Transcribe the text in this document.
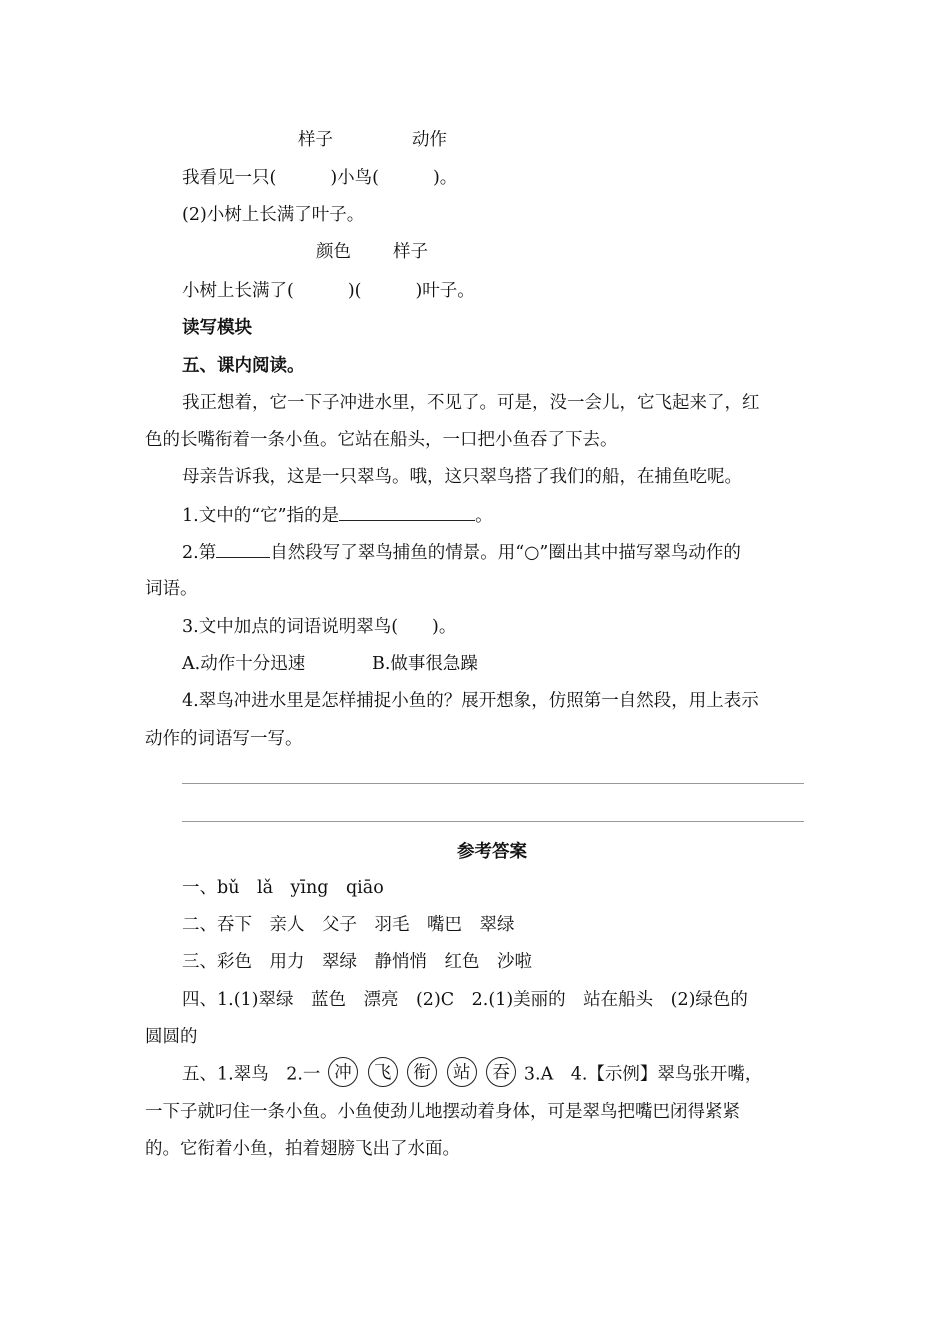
样子	动作
我看见一只(	)小鸟(	)。
(2)小树上长满了叶子。
颜色 样子
小树上长满了(	)(	)叶子。
读写模块
五、课内阅读。
我正想着，它一下子冲进水里，不见了。可是，没一会儿，它飞起来了，红
色的长嘴衔着一条小鱼。它站在船头，一口把小鱼吞了下去。
母亲告诉我，这是一只翠鸟。哦，这只翠鸟搭了我们的船，在捕鱼吃呢。
1.文中的“它”指的是	。
2.第	自然段写了翠鸟捕鱼的情景。用“○”圈出其中描写翠鸟动作的
词语。
3.文中加点的词语说明翠鸟( )。
A.动作十分迅速	B.做事很急躁
4.翠鸟冲进水里是怎样捕捉小鱼的？展开想象，仿照第一自然段，用上表示
动作的词语写一写。
参考答案
一、bǔ　lǎ　yīng　qiāo
二、吞下　亲人　父子　羽毛　嘴巴　翠绿
三、彩色　用力　翠绿　静悄悄　红色　沙啦
四、1.(1)翠绿　蓝色　漂亮　(2)C　2.(1)美丽的　站在船头　(2)绿色的
圆圆的
五、1.翠鸟　2.一 冲 飞 衔 站 吞 3.A　4.【示例】翠鸟张开嘴，
一下子就叼住一条小鱼。小鱼使劲儿地摆动着身体，可是翠鸟把嘴巴闭得紧紧
的。它衔着小鱼，拍着翅膀飞出了水面。
